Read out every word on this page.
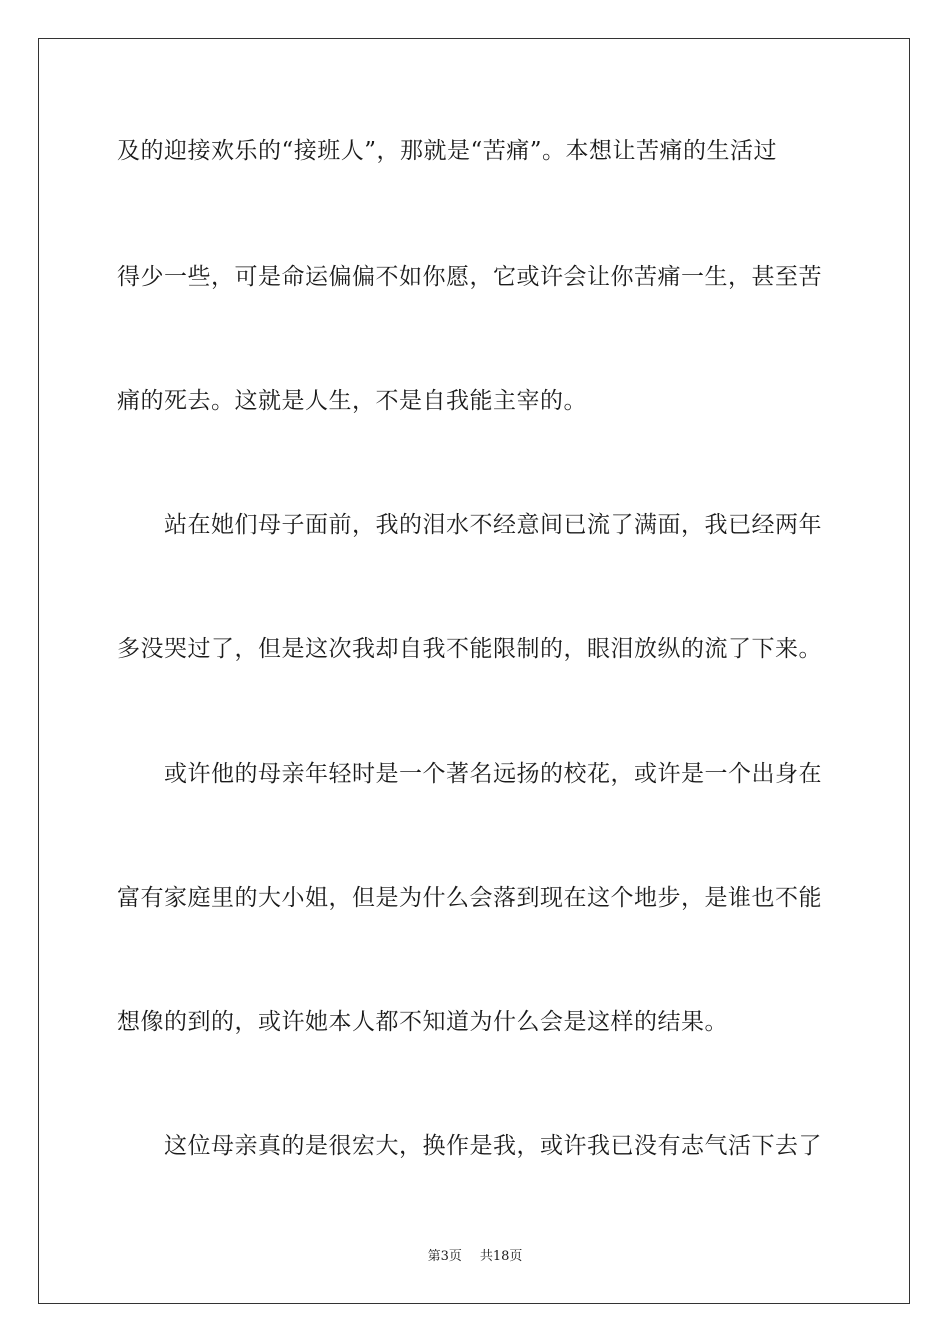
及的迎接欢乐的“接班人”，那就是“苦痛”。本想让苦痛的生活过
得少一些，可是命运偏偏不如你愿，它或许会让你苦痛一生，甚至苦
痛的死去。这就是人生，不是自我能主宰的。
站在她们母子面前，我的泪水不经意间已流了满面，我已经两年
多没哭过了，但是这次我却自我不能限制的，眼泪放纵的流了下来。
或许他的母亲年轻时是一个著名远扬的校花，或许是一个出身在
富有家庭里的大小姐，但是为什么会落到现在这个地步，是谁也不能
想像的到的，或许她本人都不知道为什么会是这样的结果。
这位母亲真的是很宏大，换作是我，或许我已没有志气活下去了
第3页 共18页
